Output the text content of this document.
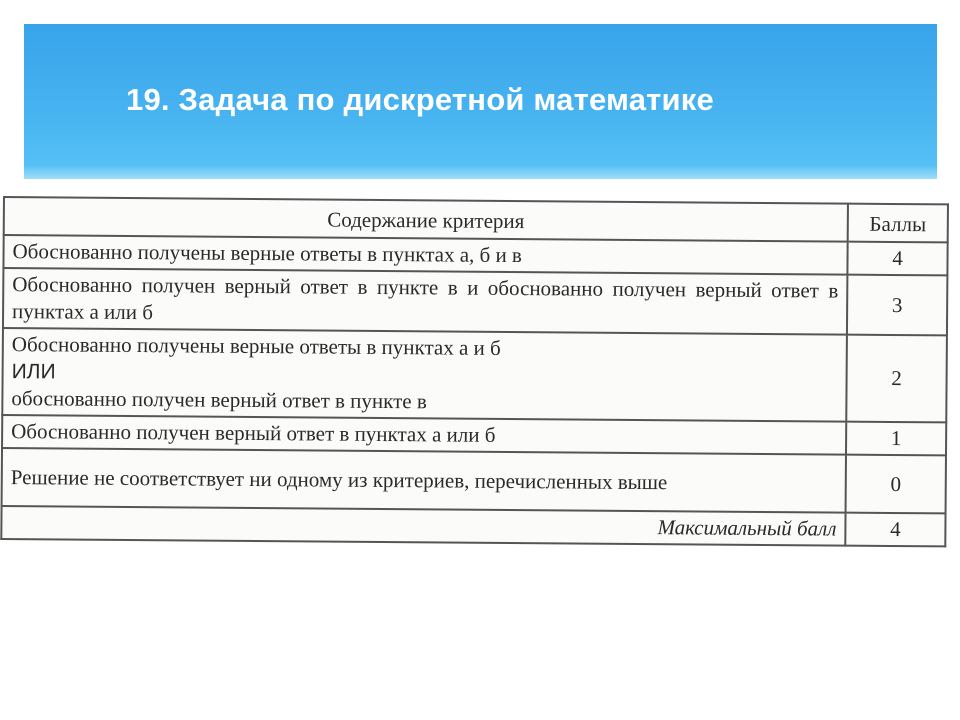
19. Задача по дискретной математике
Содержание критерия	Баллы
Обоснованно получены верные ответы в пунктах а, б и в	4
Обоснованно получен верный ответ в пункте в и обоснованно получен верный ответ в пунктах а или б	3

Обоснованно получены верные ответы в пунктах а и б
ИЛИ
обоснованно получен верный ответ в пункте в	2
Обоснованно получен верный ответ в пунктах а или б	1
Решение не соответствует ни одному из критериев, перечисленных выше	0
Максимальный балл	4
